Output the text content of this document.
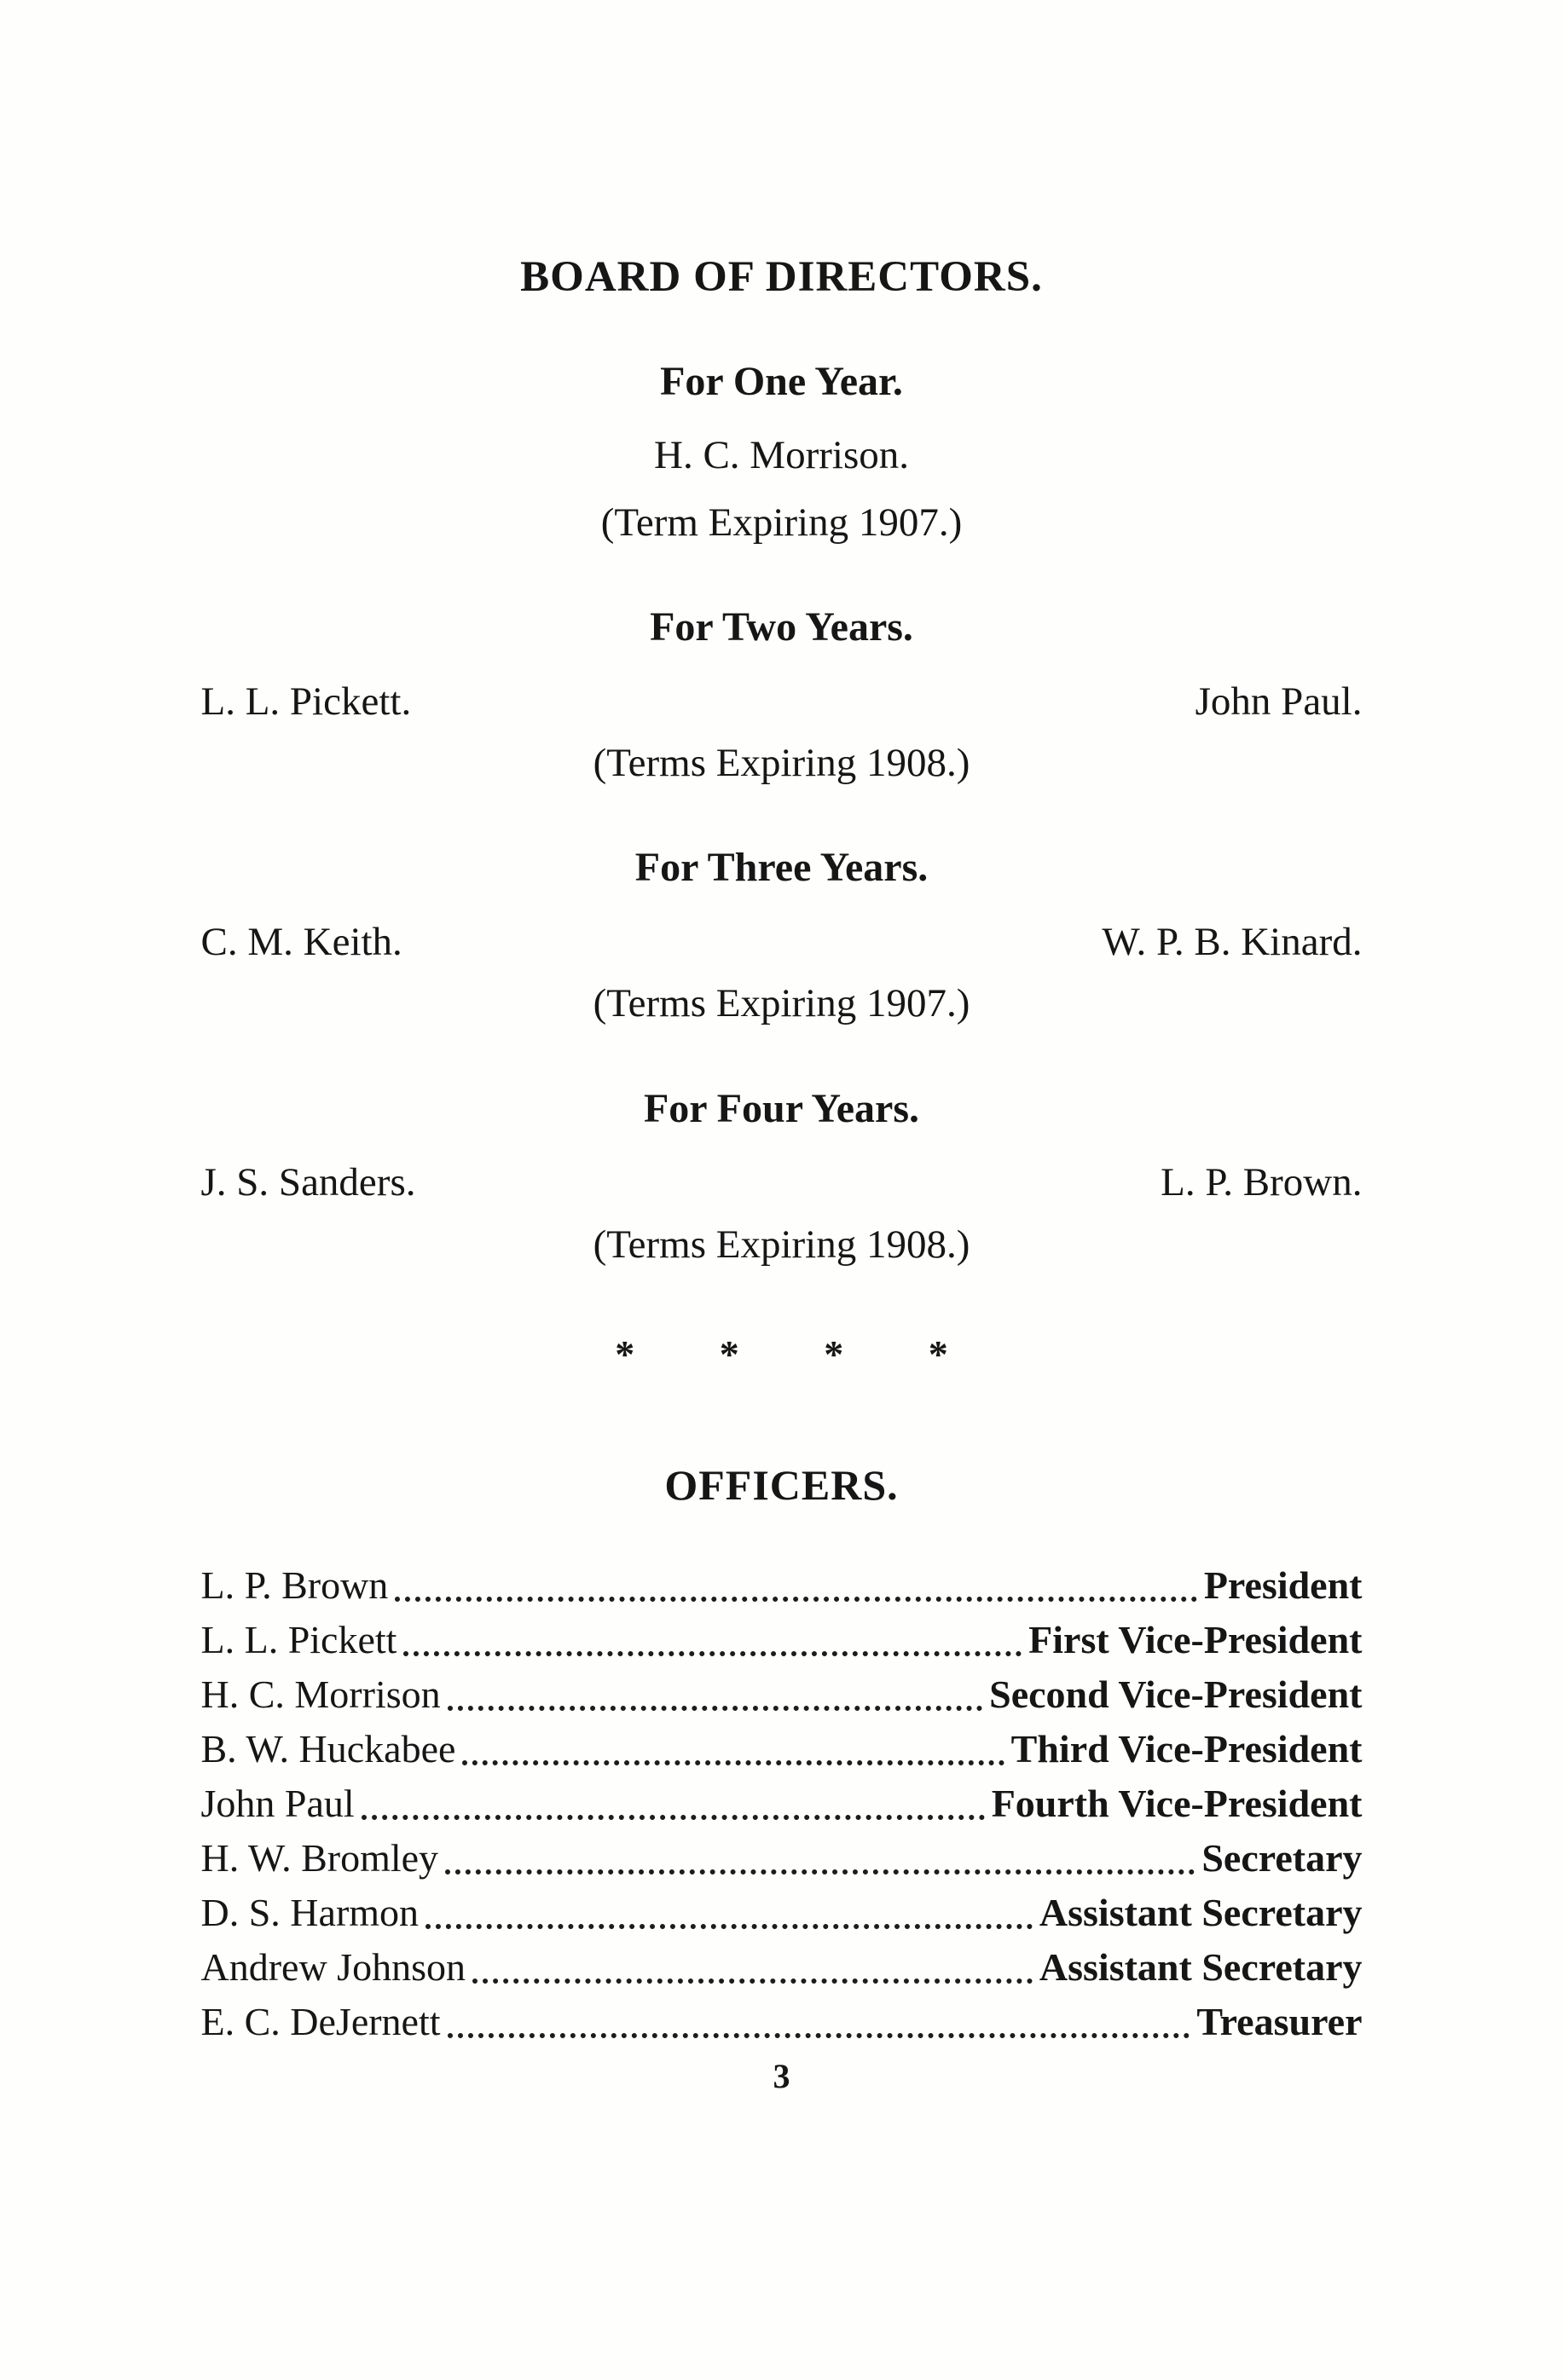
BOARD OF DIRECTORS.
For One Year.

H. C. Morrison.

(Term Expiring 1907.)

For Two Years.
L. L. Pickett.	John Paul.

(Terms Expiring 1908.)

For Three Years.
C. M. Keith.	W. P. B. Kinard.

(Terms Expiring 1907.)

For Four Years.
J. S. Sanders.	L. P. Brown.

(Terms Expiring 1908.)

* * * *
OFFICERS.
L. P. Brown	President
L. L. Pickett	First Vice-President
H. C. Morrison	Second Vice-President
B. W. Huckabee	Third Vice-President
John Paul	Fourth Vice-President
H. W. Bromley	Secretary
D. S. Harmon	Assistant Secretary
Andrew Johnson	Assistant Secretary
E. C. DeJernett	Treasurer
3
